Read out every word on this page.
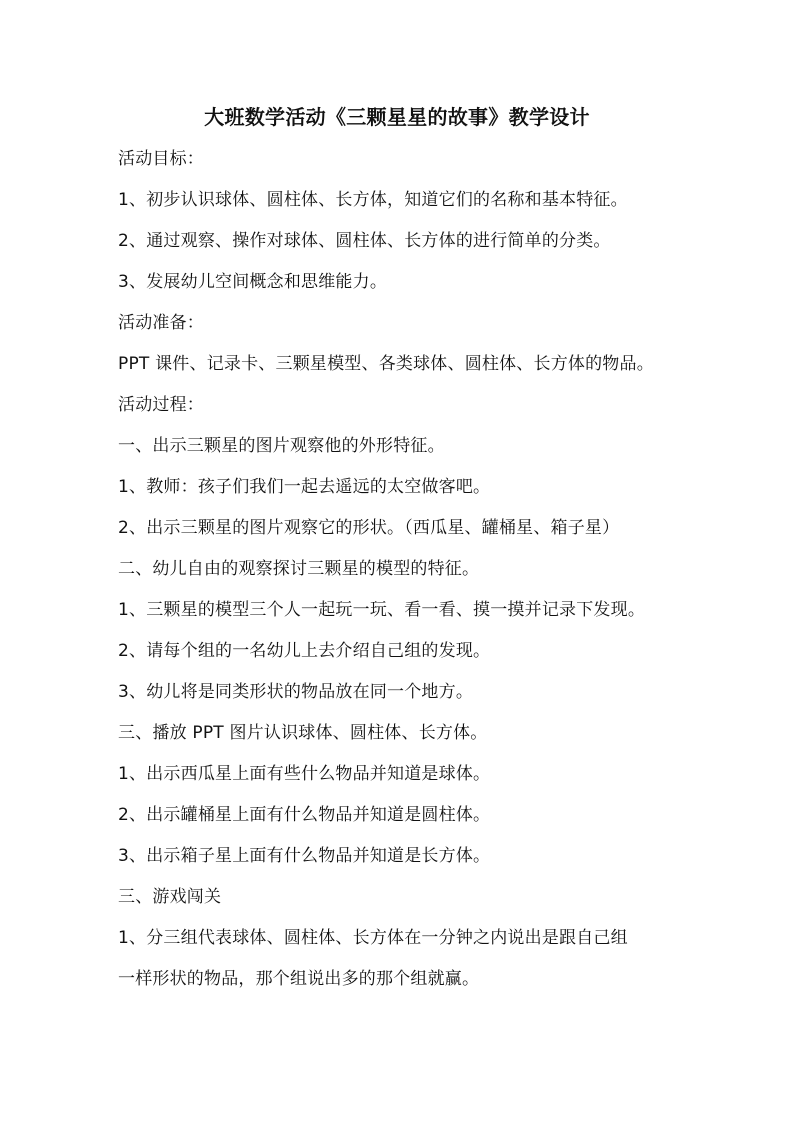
大班数学活动《三颗星星的故事》教学设计
活动目标：
1、初步认识球体、圆柱体、长方体，知道它们的名称和基本特征。
2、通过观察、操作对球体、圆柱体、长方体的进行简单的分类。
3、发展幼儿空间概念和思维能力。
活动准备：
PPT 课件、记录卡、三颗星模型、各类球体、圆柱体、长方体的物品。
活动过程：
一、出示三颗星的图片观察他的外形特征。
1、教师：孩子们我们一起去遥远的太空做客吧。
2、出示三颗星的图片观察它的形状。（西瓜星、罐桶星、箱子星）
二、幼儿自由的观察探讨三颗星的模型的特征。
1、三颗星的模型三个人一起玩一玩、看一看、摸一摸并记录下发现。
2、请每个组的一名幼儿上去介绍自己组的发现。
3、幼儿将是同类形状的物品放在同一个地方。
三、播放 PPT 图片认识球体、圆柱体、长方体。
1、出示西瓜星上面有些什么物品并知道是球体。
2、出示罐桶星上面有什么物品并知道是圆柱体。
3、出示箱子星上面有什么物品并知道是长方体。
三、游戏闯关
1、分三组代表球体、圆柱体、长方体在一分钟之内说出是跟自己组
一样形状的物品，那个组说出多的那个组就赢。
